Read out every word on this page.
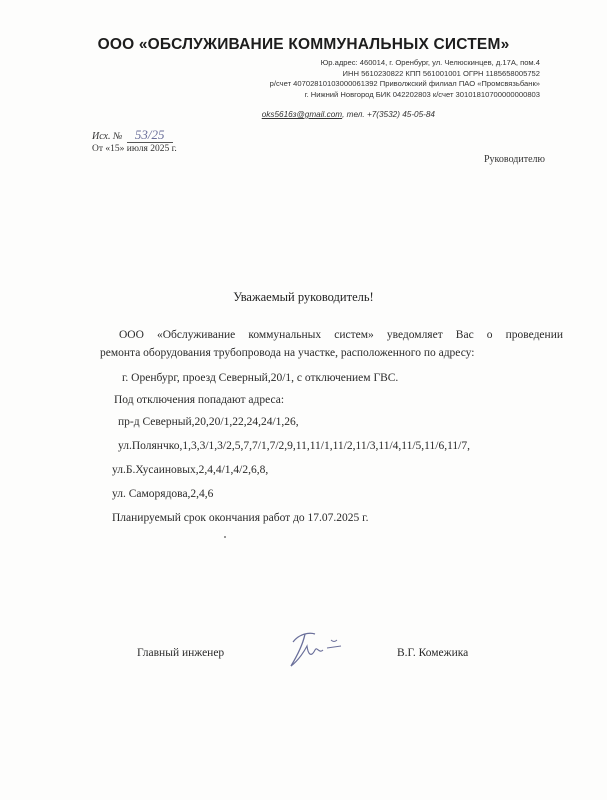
ООО «ОБСЛУЖИВАНИЕ КОММУНАЛЬНЫХ СИСТЕМ»
Юр.адрес: 460014, г. Оренбург, ул. Челюскинцев, д.17А, пом.4
ИНН 5610230822 КПП 561001001 ОГРН 1185658005752
р/счет 40702810103000061392 Приволжский филиал ПАО «Промсвязьбанк»
г. Нижний Новгород БИК 042202803 к/счет 30101810700000000803
oks5616з@gmail.com, тел. +7(3532) 45-05-84
Исх. № 53/25
От «15» июля 2025 г.
Руководителю
Уважаемый руководитель!
ООО «Обслуживание коммунальных систем» уведомляет Вас о проведении
ремонта оборудования трубопровода на участке, расположенного по адресу:
г. Оренбург, проезд Северный,20/1, с отключением ГВС.
Под отключения попадают адреса:
пр-д Северный,20,20/1,22,24,24/1,26,
ул.Полянчко,1,3,3/1,3/2,5,7,7/1,7/2,9,11,11/1,11/2,11/3,11/4,11/5,11/6,11/7,
ул.Б.Хусаиновых,2,4,4/1,4/2,6,8,
ул. Саморядова,2,4,6
Планируемый срок окончания работ до 17.07.2025 г.
Главный инженер	В.Г. Комежика
